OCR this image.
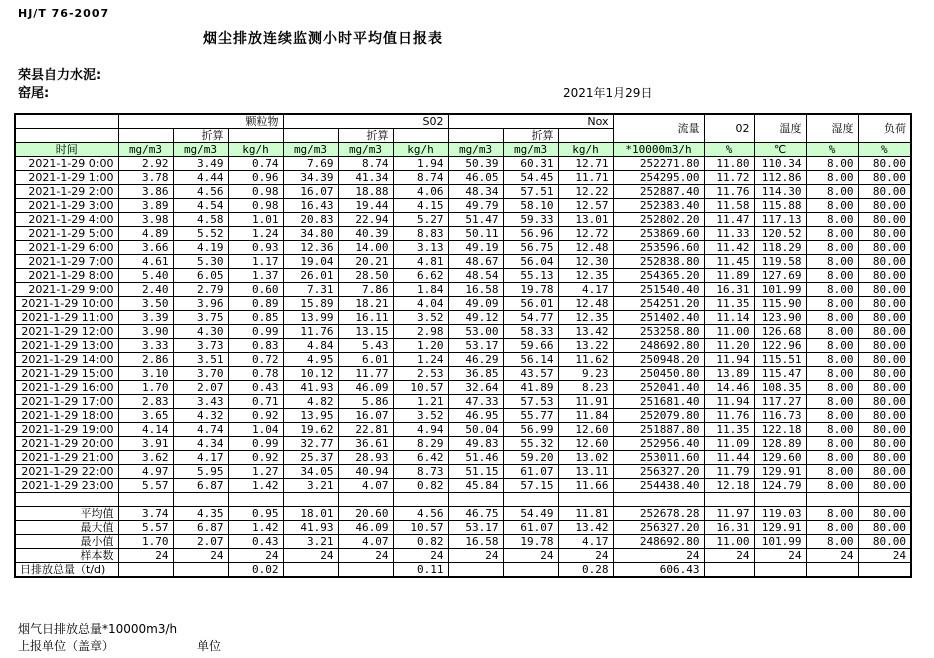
HJ/T 76-2007
烟尘排放连续监测小时平均值日报表
荣县自力水泥:
窑尾:	2021年1月29日
	颗粒物			S02			Nox			流量	02	温度	湿度	负荷
		折算			折算			折算						
时间	mg/m3	mg/m3	kg/h	mg/m3	mg/m3	kg/h	mg/m3	mg/m3	kg/h	*10000m3/h	%	℃	%	%
2021-1-29 0:00	2.92	3.49	0.74	7.69	8.74	1.94	50.39	60.31	12.71	252271.80	11.80	110.34	8.00	80.00
2021-1-29 1:00	3.78	4.44	0.96	34.39	41.34	8.74	46.05	54.45	11.71	254295.00	11.72	112.86	8.00	80.00
2021-1-29 2:00	3.86	4.56	0.98	16.07	18.88	4.06	48.34	57.51	12.22	252887.40	11.76	114.30	8.00	80.00
2021-1-29 3:00	3.89	4.54	0.98	16.43	19.44	4.15	49.79	58.10	12.57	252383.40	11.58	115.88	8.00	80.00
2021-1-29 4:00	3.98	4.58	1.01	20.83	22.94	5.27	51.47	59.33	13.01	252802.20	11.47	117.13	8.00	80.00
2021-1-29 5:00	4.89	5.52	1.24	34.80	40.39	8.83	50.11	56.96	12.72	253869.60	11.33	120.52	8.00	80.00
2021-1-29 6:00	3.66	4.19	0.93	12.36	14.00	3.13	49.19	56.75	12.48	253596.60	11.42	118.29	8.00	80.00
2021-1-29 7:00	4.61	5.30	1.17	19.04	20.21	4.81	48.67	56.04	12.30	252838.80	11.45	119.58	8.00	80.00
2021-1-29 8:00	5.40	6.05	1.37	26.01	28.50	6.62	48.54	55.13	12.35	254365.20	11.89	127.69	8.00	80.00
2021-1-29 9:00	2.40	2.79	0.60	7.31	7.86	1.84	16.58	19.78	4.17	251540.40	16.31	101.99	8.00	80.00
2021-1-29 10:00	3.50	3.96	0.89	15.89	18.21	4.04	49.09	56.01	12.48	254251.20	11.35	115.90	8.00	80.00
2021-1-29 11:00	3.39	3.75	0.85	13.99	16.11	3.52	49.12	54.77	12.35	251402.40	11.14	123.90	8.00	80.00
2021-1-29 12:00	3.90	4.30	0.99	11.76	13.15	2.98	53.00	58.33	13.42	253258.80	11.00	126.68	8.00	80.00
2021-1-29 13:00	3.33	3.73	0.83	4.84	5.43	1.20	53.17	59.66	13.22	248692.80	11.20	122.96	8.00	80.00
2021-1-29 14:00	2.86	3.51	0.72	4.95	6.01	1.24	46.29	56.14	11.62	250948.20	11.94	115.51	8.00	80.00
2021-1-29 15:00	3.10	3.70	0.78	10.12	11.77	2.53	36.85	43.57	9.23	250450.80	13.89	115.47	8.00	80.00
2021-1-29 16:00	1.70	2.07	0.43	41.93	46.09	10.57	32.64	41.89	8.23	252041.40	14.46	108.35	8.00	80.00
2021-1-29 17:00	2.83	3.43	0.71	4.82	5.86	1.21	47.33	57.53	11.91	251681.40	11.94	117.27	8.00	80.00
2021-1-29 18:00	3.65	4.32	0.92	13.95	16.07	3.52	46.95	55.77	11.84	252079.80	11.76	116.73	8.00	80.00
2021-1-29 19:00	4.14	4.74	1.04	19.62	22.81	4.94	50.04	56.99	12.60	251887.80	11.35	122.18	8.00	80.00
2021-1-29 20:00	3.91	4.34	0.99	32.77	36.61	8.29	49.83	55.32	12.60	252956.40	11.09	128.89	8.00	80.00
2021-1-29 21:00	3.62	4.17	0.92	25.37	28.93	6.42	51.46	59.20	13.02	253011.60	11.44	129.60	8.00	80.00
2021-1-29 22:00	4.97	5.95	1.27	34.05	40.94	8.73	51.15	61.07	13.11	256327.20	11.79	129.91	8.00	80.00
2021-1-29 23:00	5.57	6.87	1.42	3.21	4.07	0.82	45.84	57.15	11.66	254438.40	12.18	124.79	8.00	80.00

平均值	3.74	4.35	0.95	18.01	20.60	4.56	46.75	54.49	11.81	252678.28	11.97	119.03	8.00	80.00
最大值	5.57	6.87	1.42	41.93	46.09	10.57	53.17	61.07	13.42	256327.20	16.31	129.91	8.00	80.00
最小值	1.70	2.07	0.43	3.21	4.07	0.82	16.58	19.78	4.17	248692.80	11.00	101.99	8.00	80.00
样本数	24	24	24	24	24	24	24	24	24	24	24	24	24	24
日排放总量（t/d)			0.02			0.11			0.28	606.43				
烟气日排放总量*10000m3/h
上报单位（盖章）	单位
